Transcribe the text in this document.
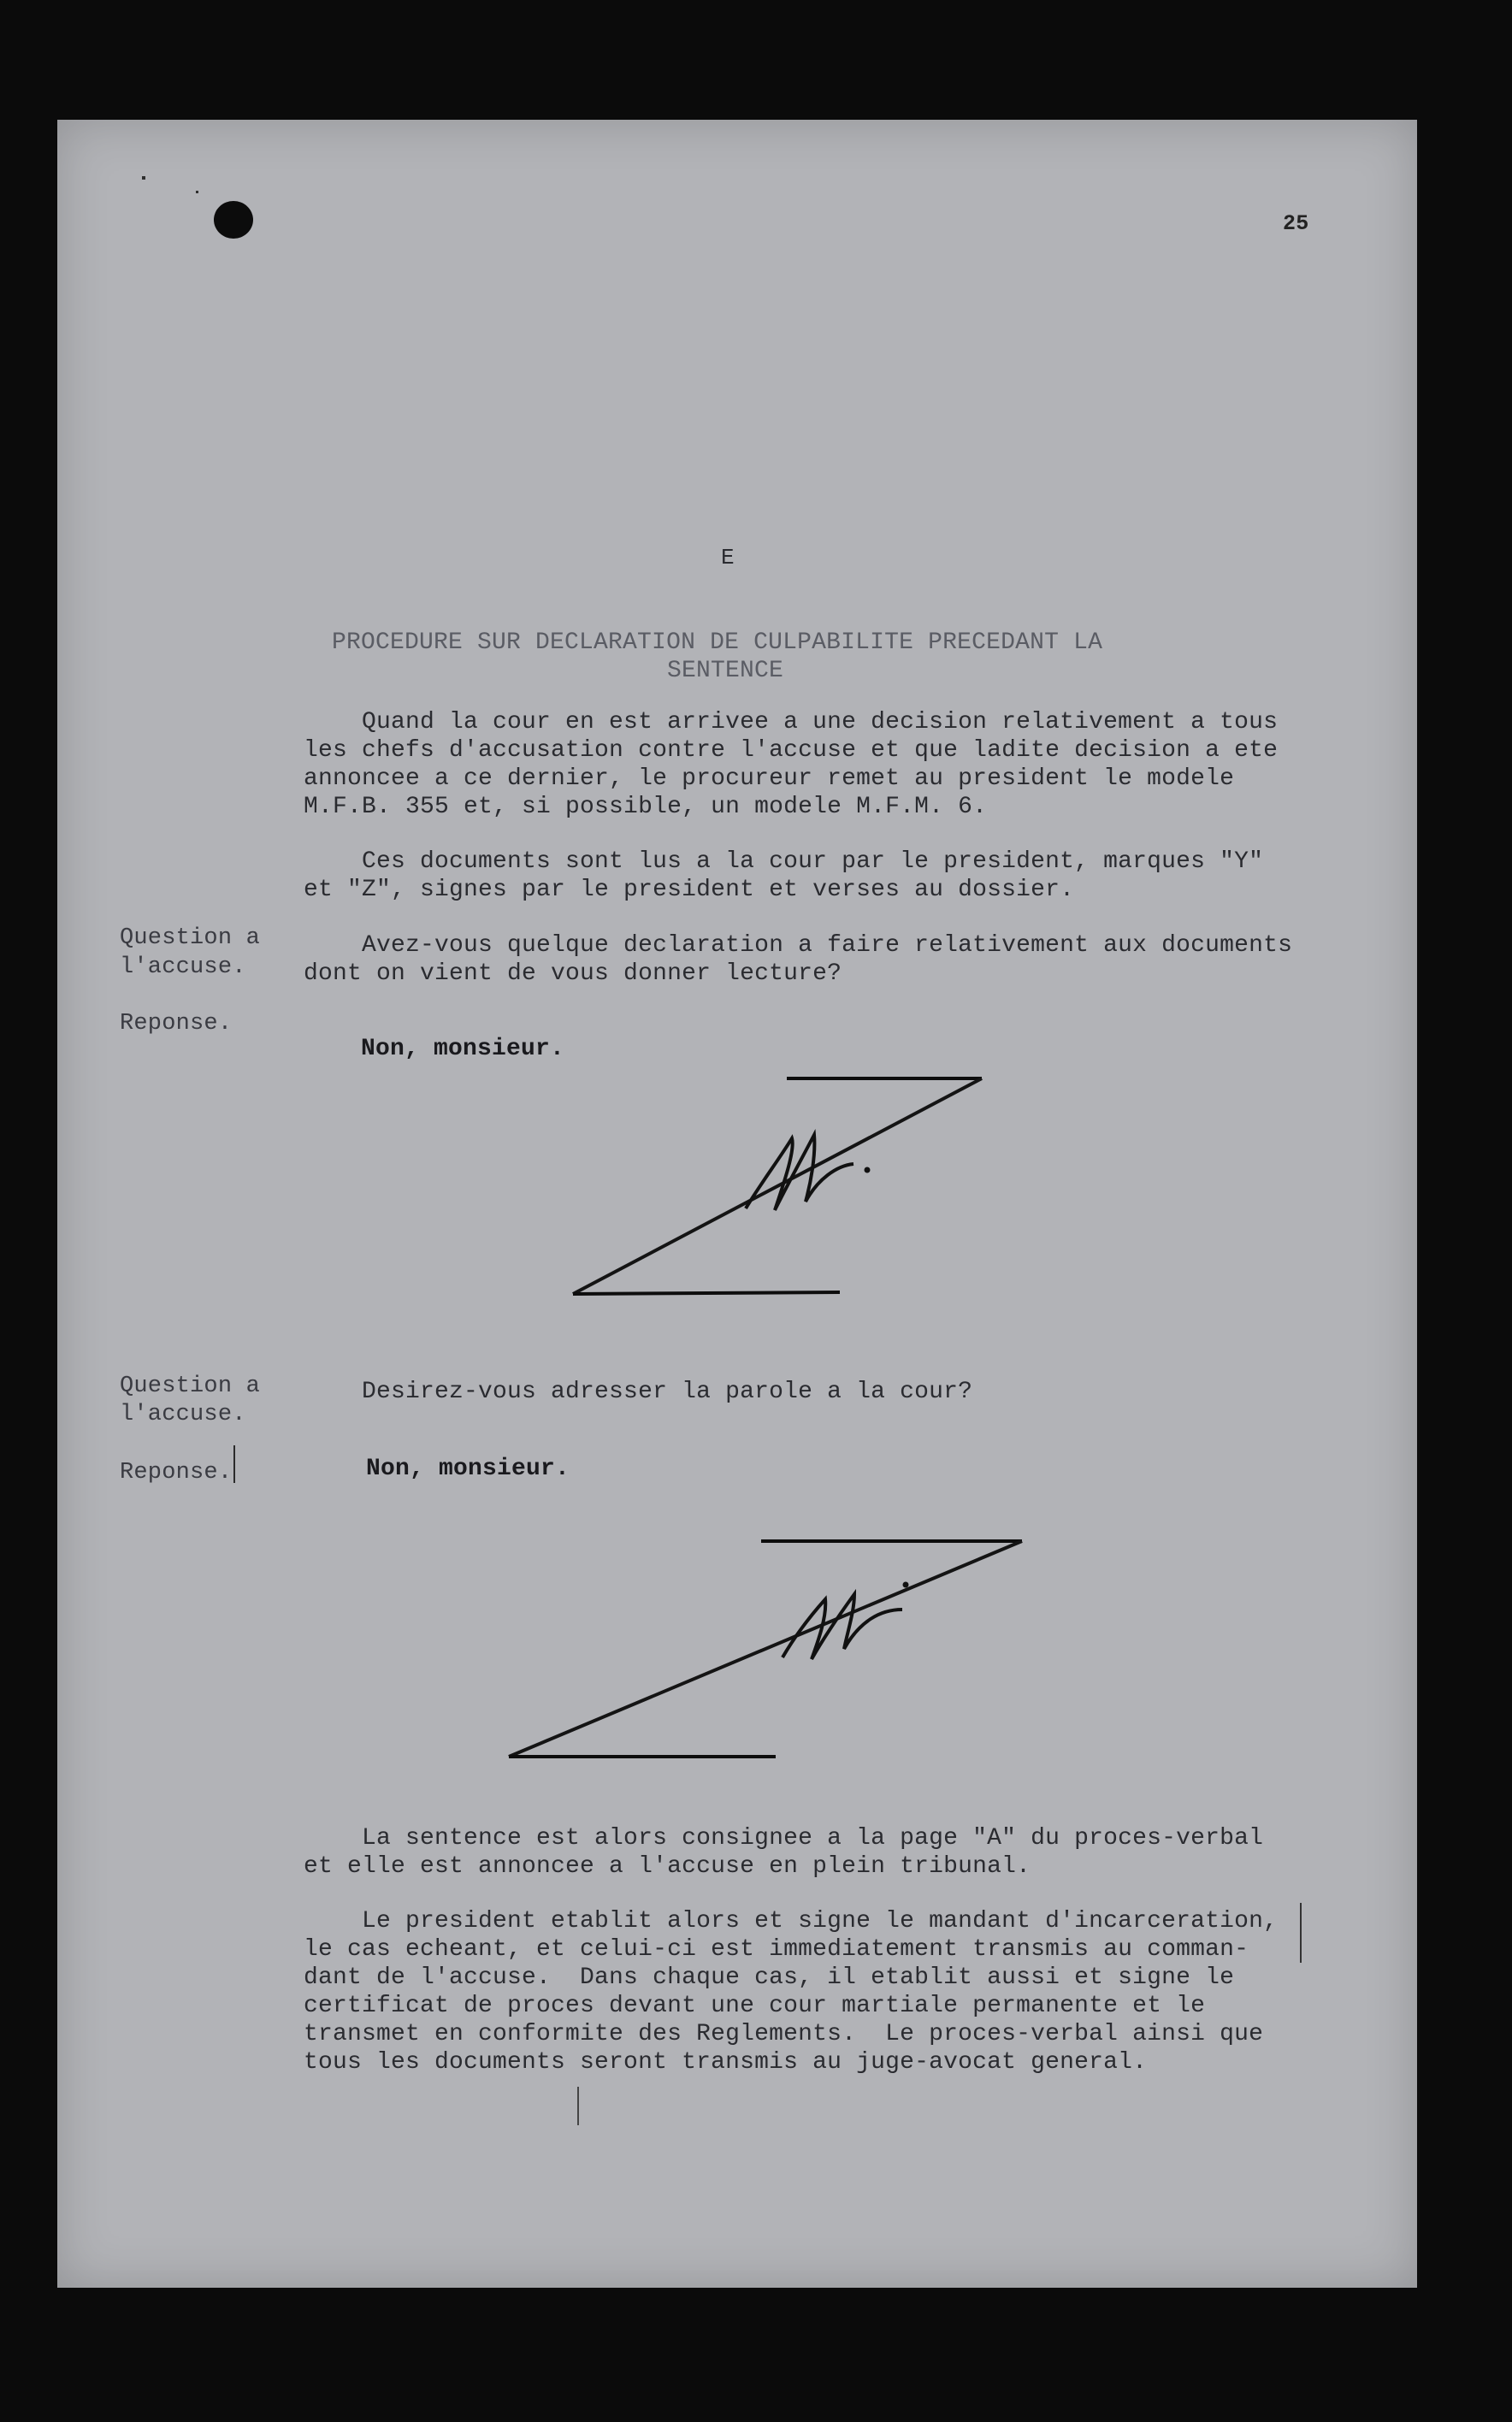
25
E
PROCEDURE SUR DECLARATION DE CULPABILITE PRECEDANT LA
SENTENCE
Quand la cour en est arrivee a une decision relativement a tous
les chefs d'accusation contre l'accuse et que ladite decision a ete
annoncee a ce dernier, le procureur remet au president le modele
M.F.B. 355 et, si possible, un modele M.F.M. 6.
Ces documents sont lus a la cour par le president, marques "Y"
et "Z", signes par le president et verses au dossier.
Question a
l'accuse.
Avez-vous quelque declaration a faire relativement aux documents
dont on vient de vous donner lecture?
Reponse.
Non, monsieur.
Question a
l'accuse.
Desirez-vous adresser la parole a la cour?
Reponse.	Non, monsieur.
La sentence est alors consignee a la page "A" du proces-verbal
et elle est annoncee a l'accuse en plein tribunal.
Le president etablit alors et signe le mandant d'incarceration,
le cas echeant, et celui-ci est immediatement transmis au comman-
dant de l'accuse.  Dans chaque cas, il etablit aussi et signe le
certificat de proces devant une cour martiale permanente et le
transmet en conformite des Reglements.  Le proces-verbal ainsi que
tous les documents seront transmis au juge-avocat general.
